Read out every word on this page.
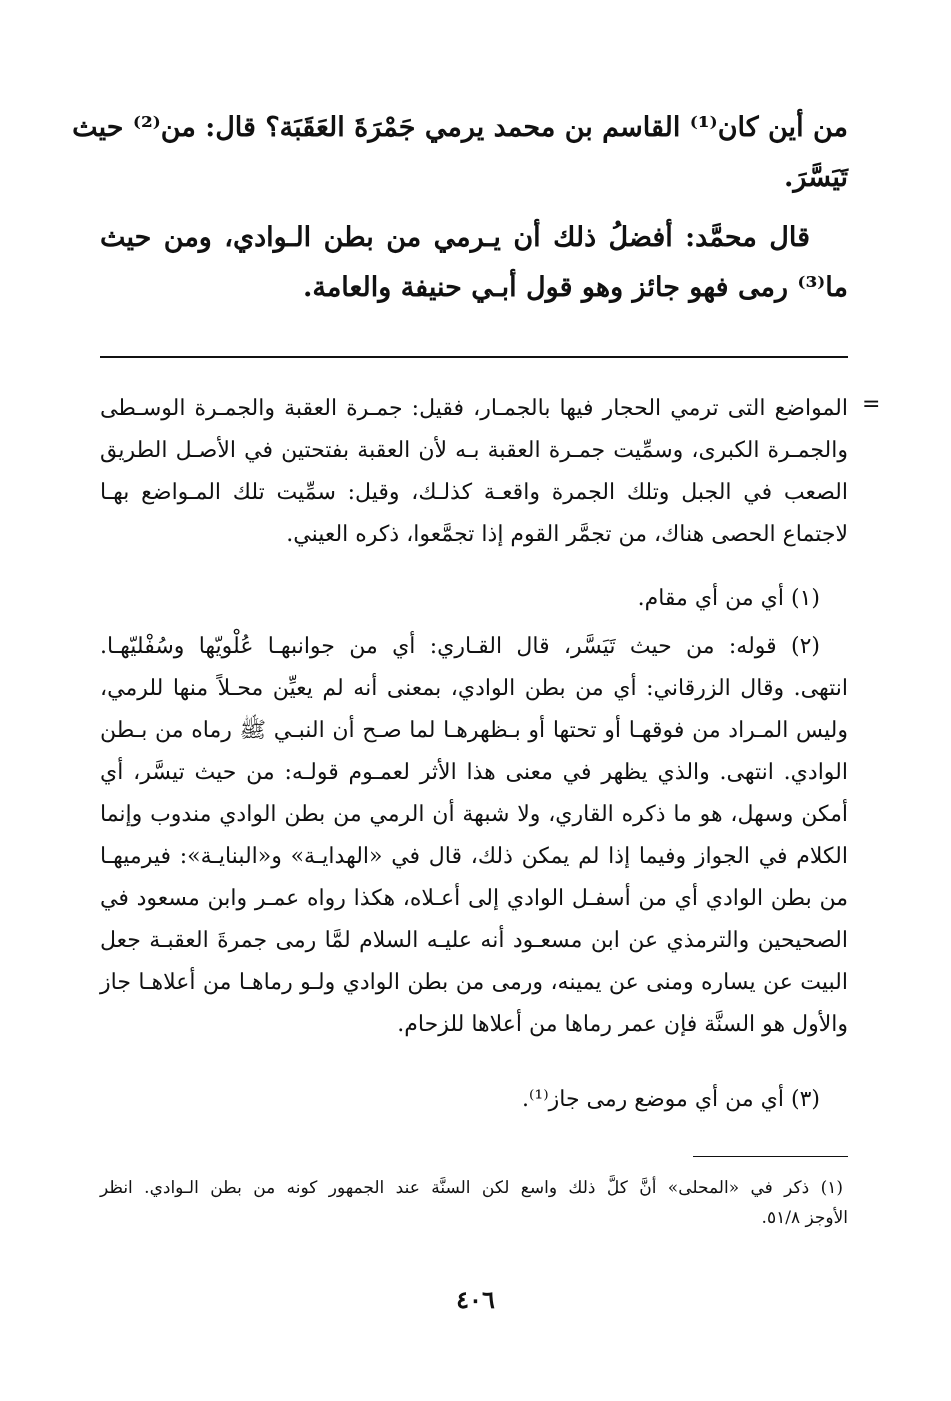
من أين كان⁽¹⁾ القاسم بن محمد يرمي جَمْرَةَ العَقَبَة؟ قال: من⁽²⁾ حيث
تَيَسَّرَ.
قال محمَّد: أفضلُ ذلك أن يـرمي من بطن الـوادي، ومن حيث
ما⁽³⁾ رمى فهو جائز وهو قول أبـي حنيفة والعامة.
=
المواضع التى ترمي الحجار فيها بالجمـار، فقيل: جمـرة العقبة والجمـرة الوسـطى
والجمـرة الكبرى، وسمِّيت جمـرة العقبة بـه لأن العقبة بفتحتين في الأصـل الطريق
الصعب في الجبل وتلك الجمرة واقعـة كذلـك، وقيل: سمِّيت تلك المـواضع بهـا
لاجتماع الحصى هناك، من تجمَّر القوم إذا تجمَّعوا، ذكره العيني.
(١) أي من أي مقام.
(٢) قوله: من حيث تَيَسَّر، قال القـاري: أي من جوانبهـا عُلْويّها وسُفْليّهـا.
انتهى. وقال الزرقاني: أي من بطن الوادي، بمعنى أنه لم يعيِّن محـلاً منها للرمي،
وليس المـراد من فوقهـا أو تحتها أو بـظهرهـا لما صـح أن النبـي ﷺ رماه من بـطن
الوادي. انتهى. والذي يظهر في معنى هذا الأثر لعمـوم قولـه: من حيث تيسَّر، أي
أمكن وسهل، هو ما ذكره القاري، ولا شبهة أن الرمي من بطن الوادي مندوب وإنما
الكلام في الجواز وفيما إذا لم يمكن ذلك، قال في «الهدايـة» و«البنايـة»: فيرميهـا
من بطن الوادي أي من أسفـل الوادي إلى أعـلاه، هكذا رواه عمـر وابن مسعود في
الصحيحين والترمذي عن ابن مسعـود أنه عليـه السلام لمَّا رمى جمرةَ العقبـة جعل
البيت عن يساره ومنى عن يمينه، ورمى من بطن الوادي ولـو رماهـا من أعلاهـا جاز
والأول هو السنَّة فإن عمر رماها من أعلاها للزحام.
(٣) أي من أي موضع رمى جاز⁽¹⁾.
(١) ذكر في «المحلى» أنَّ كلَّ ذلك واسع لكن السنَّة عند الجمهور كونه من بطن الـوادي. انظر
الأوجز ٥١/٨.
٤٠٦
